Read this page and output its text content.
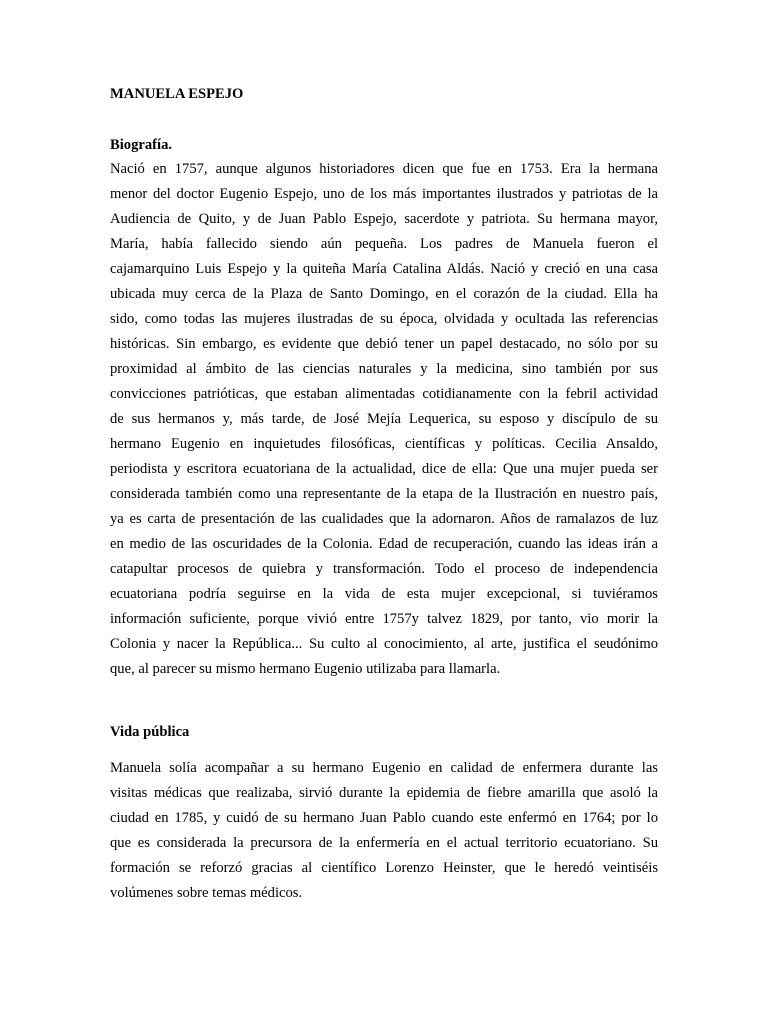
MANUELA ESPEJO
Biografía.
Nació en 1757, aunque algunos historiadores dicen que fue en 1753. Era la hermana
menor del doctor Eugenio Espejo, uno de los más importantes ilustrados y patriotas de la
Audiencia de Quito, y de Juan Pablo Espejo, sacerdote y patriota. Su hermana mayor,
María, había fallecido siendo aún pequeña. Los padres de Manuela fueron el
cajamarquino Luis Espejo y la quiteña María Catalina Aldás. Nació y creció en una casa
ubicada muy cerca de la Plaza de Santo Domingo, en el corazón de la ciudad. Ella ha
sido, como todas las mujeres ilustradas de su época, olvidada y ocultada las referencias
históricas. Sin embargo, es evidente que debió tener un papel destacado, no sólo por su
proximidad al ámbito de las ciencias naturales y la medicina, sino también por sus
convicciones patrióticas, que estaban alimentadas cotidianamente con la febril actividad
de sus hermanos y, más tarde, de José Mejía Lequerica, su esposo y discípulo de su
hermano Eugenio en inquietudes filosóficas, científicas y políticas. Cecilia Ansaldo,
periodista y escritora ecuatoriana de la actualidad, dice de ella: Que una mujer pueda ser
considerada también como una representante de la etapa de la Ilustración en nuestro país,
ya es carta de presentación de las cualidades que la adornaron. Años de ramalazos de luz
en medio de las oscuridades de la Colonia. Edad de recuperación, cuando las ideas irán a
catapultar procesos de quiebra y transformación. Todo el proceso de independencia
ecuatoriana podría seguirse en la vida de esta mujer excepcional, si tuviéramos
información suficiente, porque vivió entre 1757y talvez 1829, por tanto, vio morir la
Colonia y nacer la República... Su culto al conocimiento, al arte, justifica el seudónimo
que, al parecer su mismo hermano Eugenio utilizaba para llamarla.
Vida pública
Manuela solía acompañar a su hermano Eugenio en calidad de enfermera durante las
visitas médicas que realizaba, sirvió durante la epidemia de fiebre amarilla que asoló la
ciudad en 1785, y cuidó de su hermano Juan Pablo cuando este enfermó en 1764; por lo
que es considerada la precursora de la enfermería en el actual territorio ecuatoriano. Su
formación se reforzó gracias al científico Lorenzo Heinster, que le heredó veintiséis
volúmenes sobre temas médicos.
